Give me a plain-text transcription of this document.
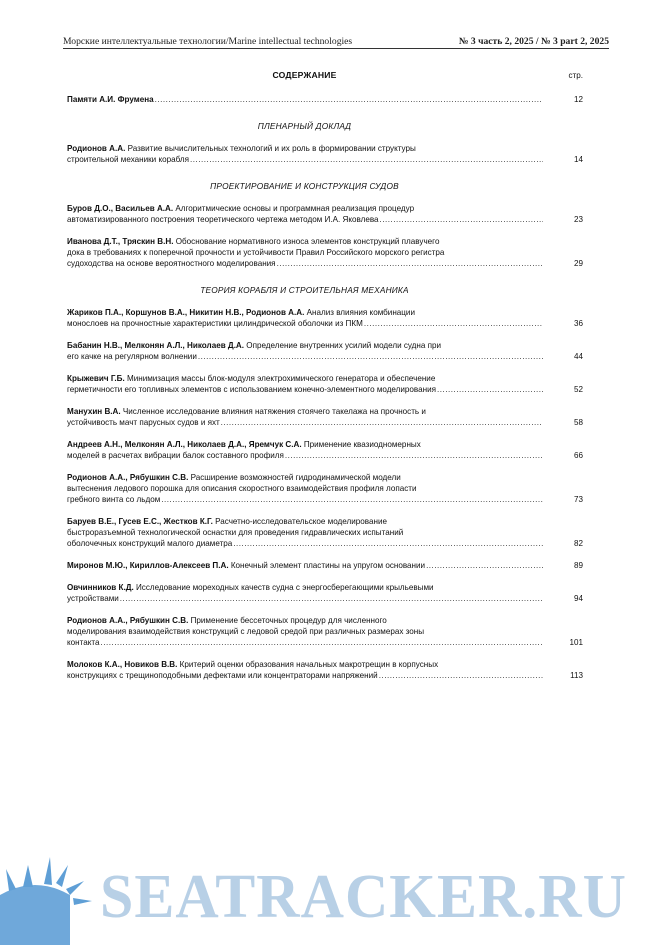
Морские интеллектуальные технологии/Marine intellectual technologies	№ 3 часть 2, 2025 / № 3 part 2, 2025
СОДЕРЖАНИЕ	стр.
Памяти А.И. Фрумена .....	12
ПЛЕНАРНЫЙ ДОКЛАД
Родионов А.А. Развитие вычислительных технологий и их роль в формировании структуры
строительной механики корабля .....	14
ПРОЕКТИРОВАНИЕ И КОНСТРУКЦИЯ СУДОВ
Буров Д.О., Васильев А.А. Алгоритмические основы и программная реализация процедур
автоматизированного построения теоретического чертежа методом И.А. Яковлева .....	23
Иванова Д.Т., Тряскин В.Н. Обоснование нормативного износа элементов конструкций плавучего
дока в требованиях к поперечной прочности и устойчивости Правил Российского морского регистра
судоходства на основе вероятностного моделирования .....	29
ТЕОРИЯ КОРАБЛЯ И СТРОИТЕЛЬНАЯ МЕХАНИКА
Жариков П.А., Коршунов В.А., Никитин Н.В., Родионов А.А. Анализ влияния комбинации
монослоев на прочностные характеристики цилиндрической оболочки из ПКМ .....	36
Бабанин Н.В., Мелконян А.Л., Николаев Д.А. Определение внутренних усилий модели судна при
его качке на регулярном волнении .....	44
Крыжевич Г.Б. Минимизация массы блок-модуля электрохимического генератора и обеспечение
герметичности его топливных элементов с использованием конечно-элементного моделирования .....	52
Манухин В.А. Численное исследование влияния натяжения стоячего такелажа на прочность и
устойчивость мачт парусных судов и яхт .....	58
Андреев А.Н., Мелконян А.Л., Николаев Д.А., Яремчук С.А. Применение квазиодномерных
моделей в расчетах вибрации балок составного профиля .....	66
Родионов А.А., Рябушкин С.В. Расширение возможностей гидродинамической модели
вытеснения ледового порошка для описания скоростного взаимодействия профиля лопасти
гребного винта со льдом .....	73
Баруев В.Е., Гусев Е.С., Жестков К.Г. Расчетно-исследовательское моделирование
быстроразъемной технологической оснастки для проведения гидравлических испытаний
оболочечных конструкций малого диаметра .....	82
Миронов М.Ю., Кириллов-Алексеев П.А. Конечный элемент пластины на упругом основании .....	89
Овчинников К.Д. Исследование мореходных качеств судна с энергосберегающими крыльевыми
устройствами .....	94
Родионов А.А., Рябушкин С.В. Применение бессеточных процедур для численного
моделирования взаимодействия конструкций с ледовой средой при различных размерах зоны
контакта .....	101
Молоков К.А., Новиков В.В. Критерий оценки образования начальных макротрещин в корпусных
конструкциях с трещиноподобными дефектами или концентраторами напряжений .....	113
SEATRACKER.RU
